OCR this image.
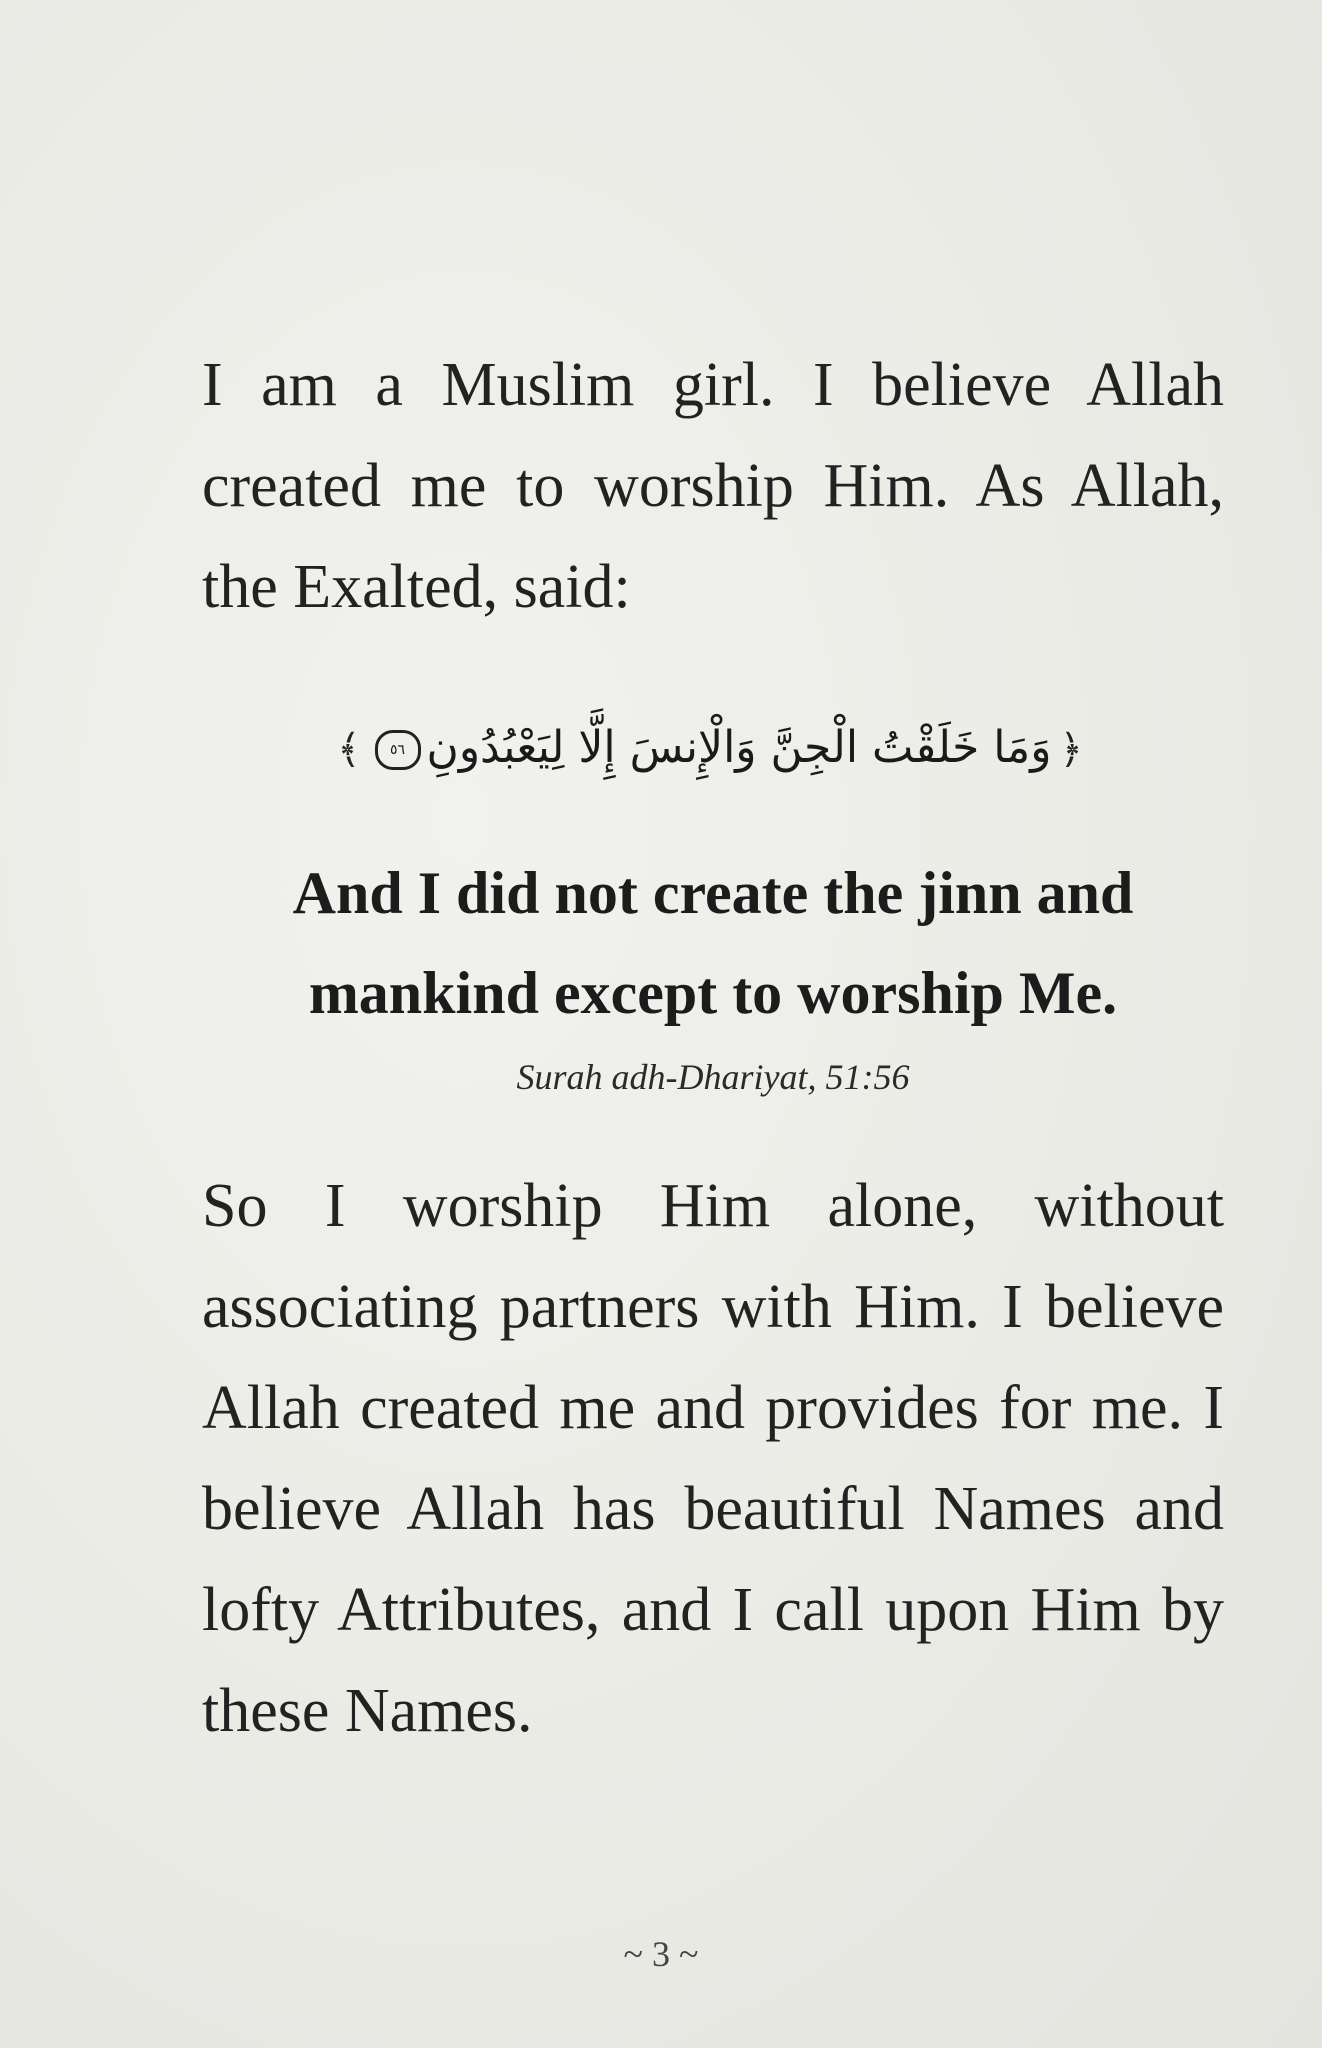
I am a Muslim girl. I believe Allah created me to worship Him. As Allah, the Exalted, said:

﴿وَمَا خَلَقْتُ الْجِنَّ وَالْإِنسَ إِلَّا لِيَعْبُدُونِ٥٦﴾
And I did not create the jinn and
mankind except to worship Me.

Surah adh-Dhariyat, 51:56

So I worship Him alone, without associating partners with Him. I believe Allah created me and provides for me. I believe Allah has beautiful Names and lofty Attributes, and I call upon Him by these Names.

~ 3 ~
